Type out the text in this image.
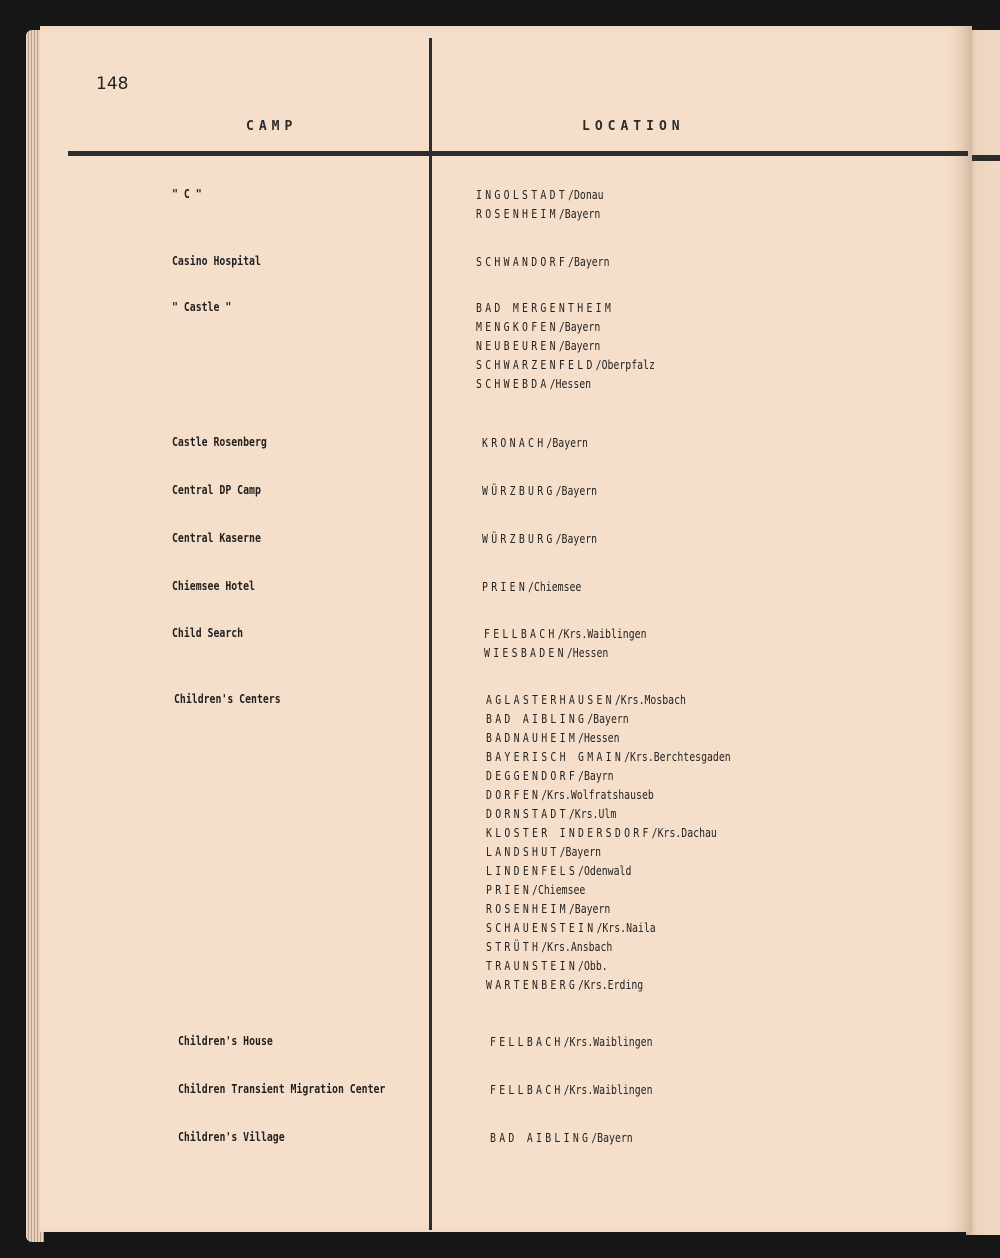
148
CAMP	LOCATION
" C "	INGOLSTADT/Donau
ROSENHEIM/Bayern
Casino Hospital	SCHWANDORF/Bayern
" Castle "	BAD MERGENTHEIM
MENGKOFEN/Bayern
NEUBEUREN/Bayern
SCHWARZENFELD/Oberpfalz
SCHWEBDA/Hessen
Castle Rosenberg	KRONACH/Bayern
Central DP Camp	WÜRZBURG/Bayern
Central Kaserne	WÜRZBURG/Bayern
Chiemsee Hotel	PRIEN/Chiemsee
Child Search	FELLBACH/Krs.Waiblingen
WIESBADEN/Hessen
Children's Centers	AGLASTERHAUSEN/Krs.Mosbach
BAD AIBLING/Bayern
BADNAUHEIM/Hessen
BAYERISCH GMAIN/Krs.Berchtesgaden
DEGGENDORF/Bayrn
DORFEN/Krs.Wolfratshauseb
DORNSTADT/Krs.Ulm
KLOSTER INDERSDORF/Krs.Dachau
LANDSHUT/Bayern
LINDENFELS/Odenwald
PRIEN/Chiemsee
ROSENHEIM/Bayern
SCHAUENSTEIN/Krs.Naila
STRÜTH/Krs.Ansbach
TRAUNSTEIN/Obb.
WARTENBERG/Krs.Erding
Children's House	FELLBACH/Krs.Waiblingen
Children Transient Migration Center	FELLBACH/Krs.Waiblingen
Children's Village	BAD AIBLING/Bayern
